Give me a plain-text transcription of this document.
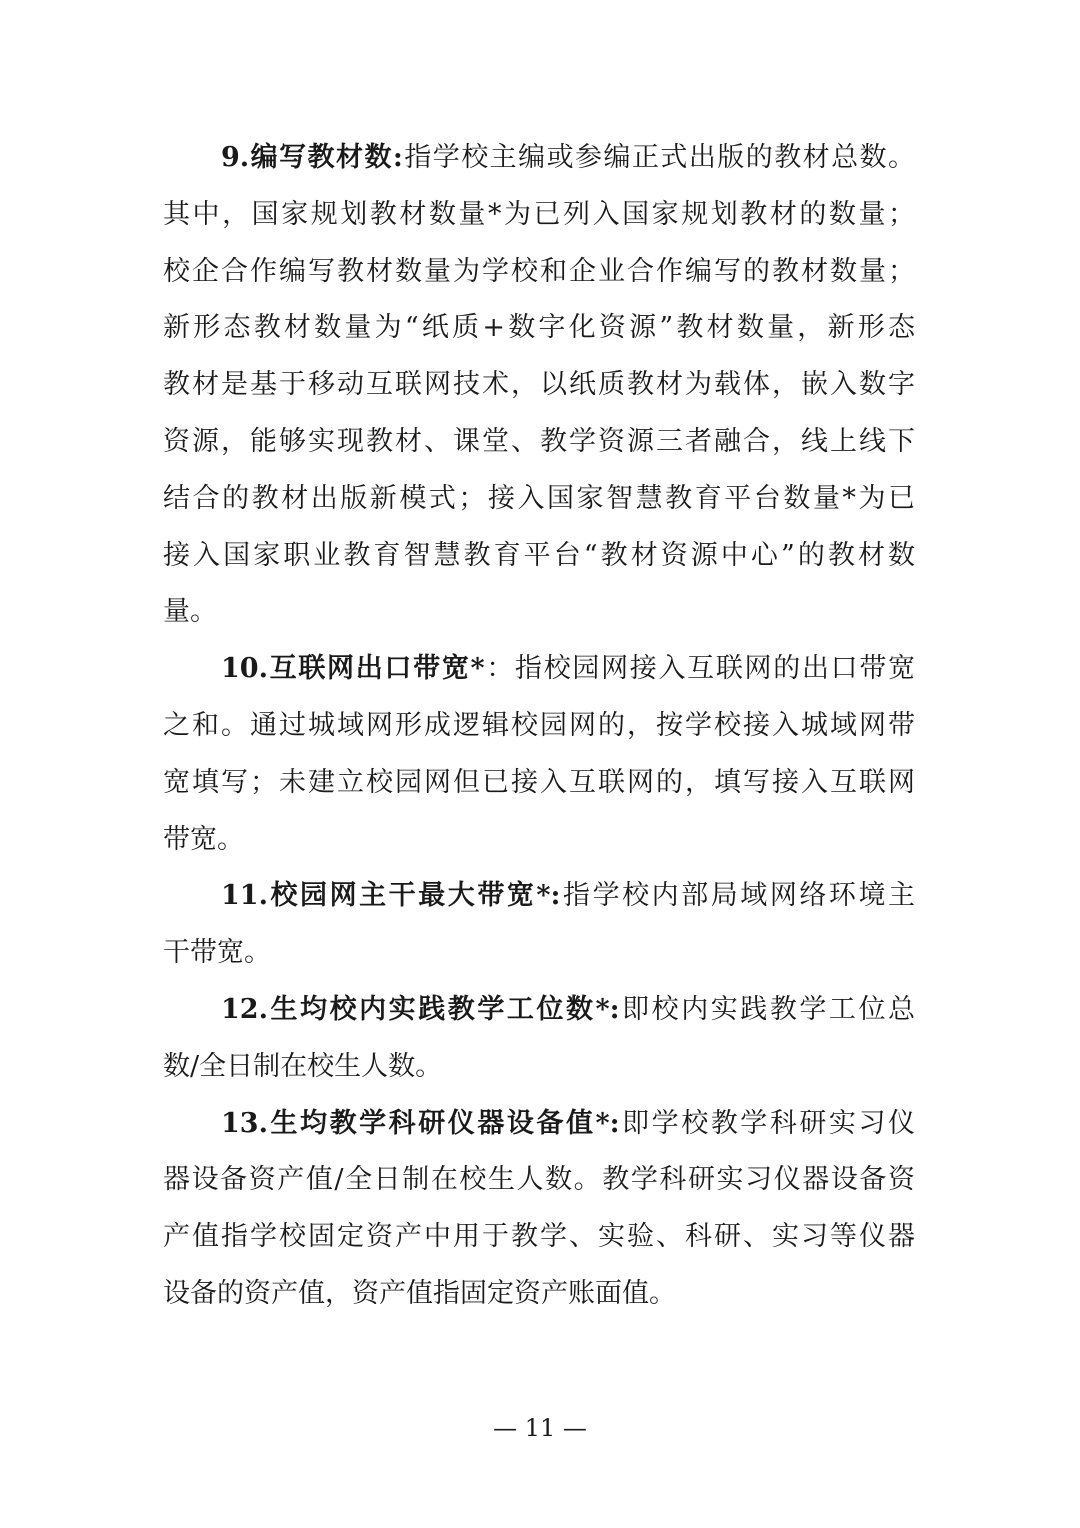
9.编写教材数:指学校主编或参编正式出版的教材总数。
其中，国家规划教材数量*为已列入国家规划教材的数量；
校企合作编写教材数量为学校和企业合作编写的教材数量；
新形态教材数量为“纸质+数字化资源”教材数量，新形态
教材是基于移动互联网技术，以纸质教材为载体，嵌入数字
资源，能够实现教材、课堂、教学资源三者融合，线上线下
结合的教材出版新模式；接入国家智慧教育平台数量*为已
接入国家职业教育智慧教育平台“教材资源中心”的教材数
量。
10.互联网出口带宽*：指校园网接入互联网的出口带宽
之和。通过城域网形成逻辑校园网的，按学校接入城域网带
宽填写；未建立校园网但已接入互联网的，填写接入互联网
带宽。
11.校园网主干最大带宽*:指学校内部局域网络环境主
干带宽。
12.生均校内实践教学工位数*:即校内实践教学工位总
数/全日制在校生人数。
13.生均教学科研仪器设备值*:即学校教学科研实习仪
器设备资产值/全日制在校生人数。教学科研实习仪器设备资
产值指学校固定资产中用于教学、实验、科研、实习等仪器
设备的资产值，资产值指固定资产账面值。
— 11 —
